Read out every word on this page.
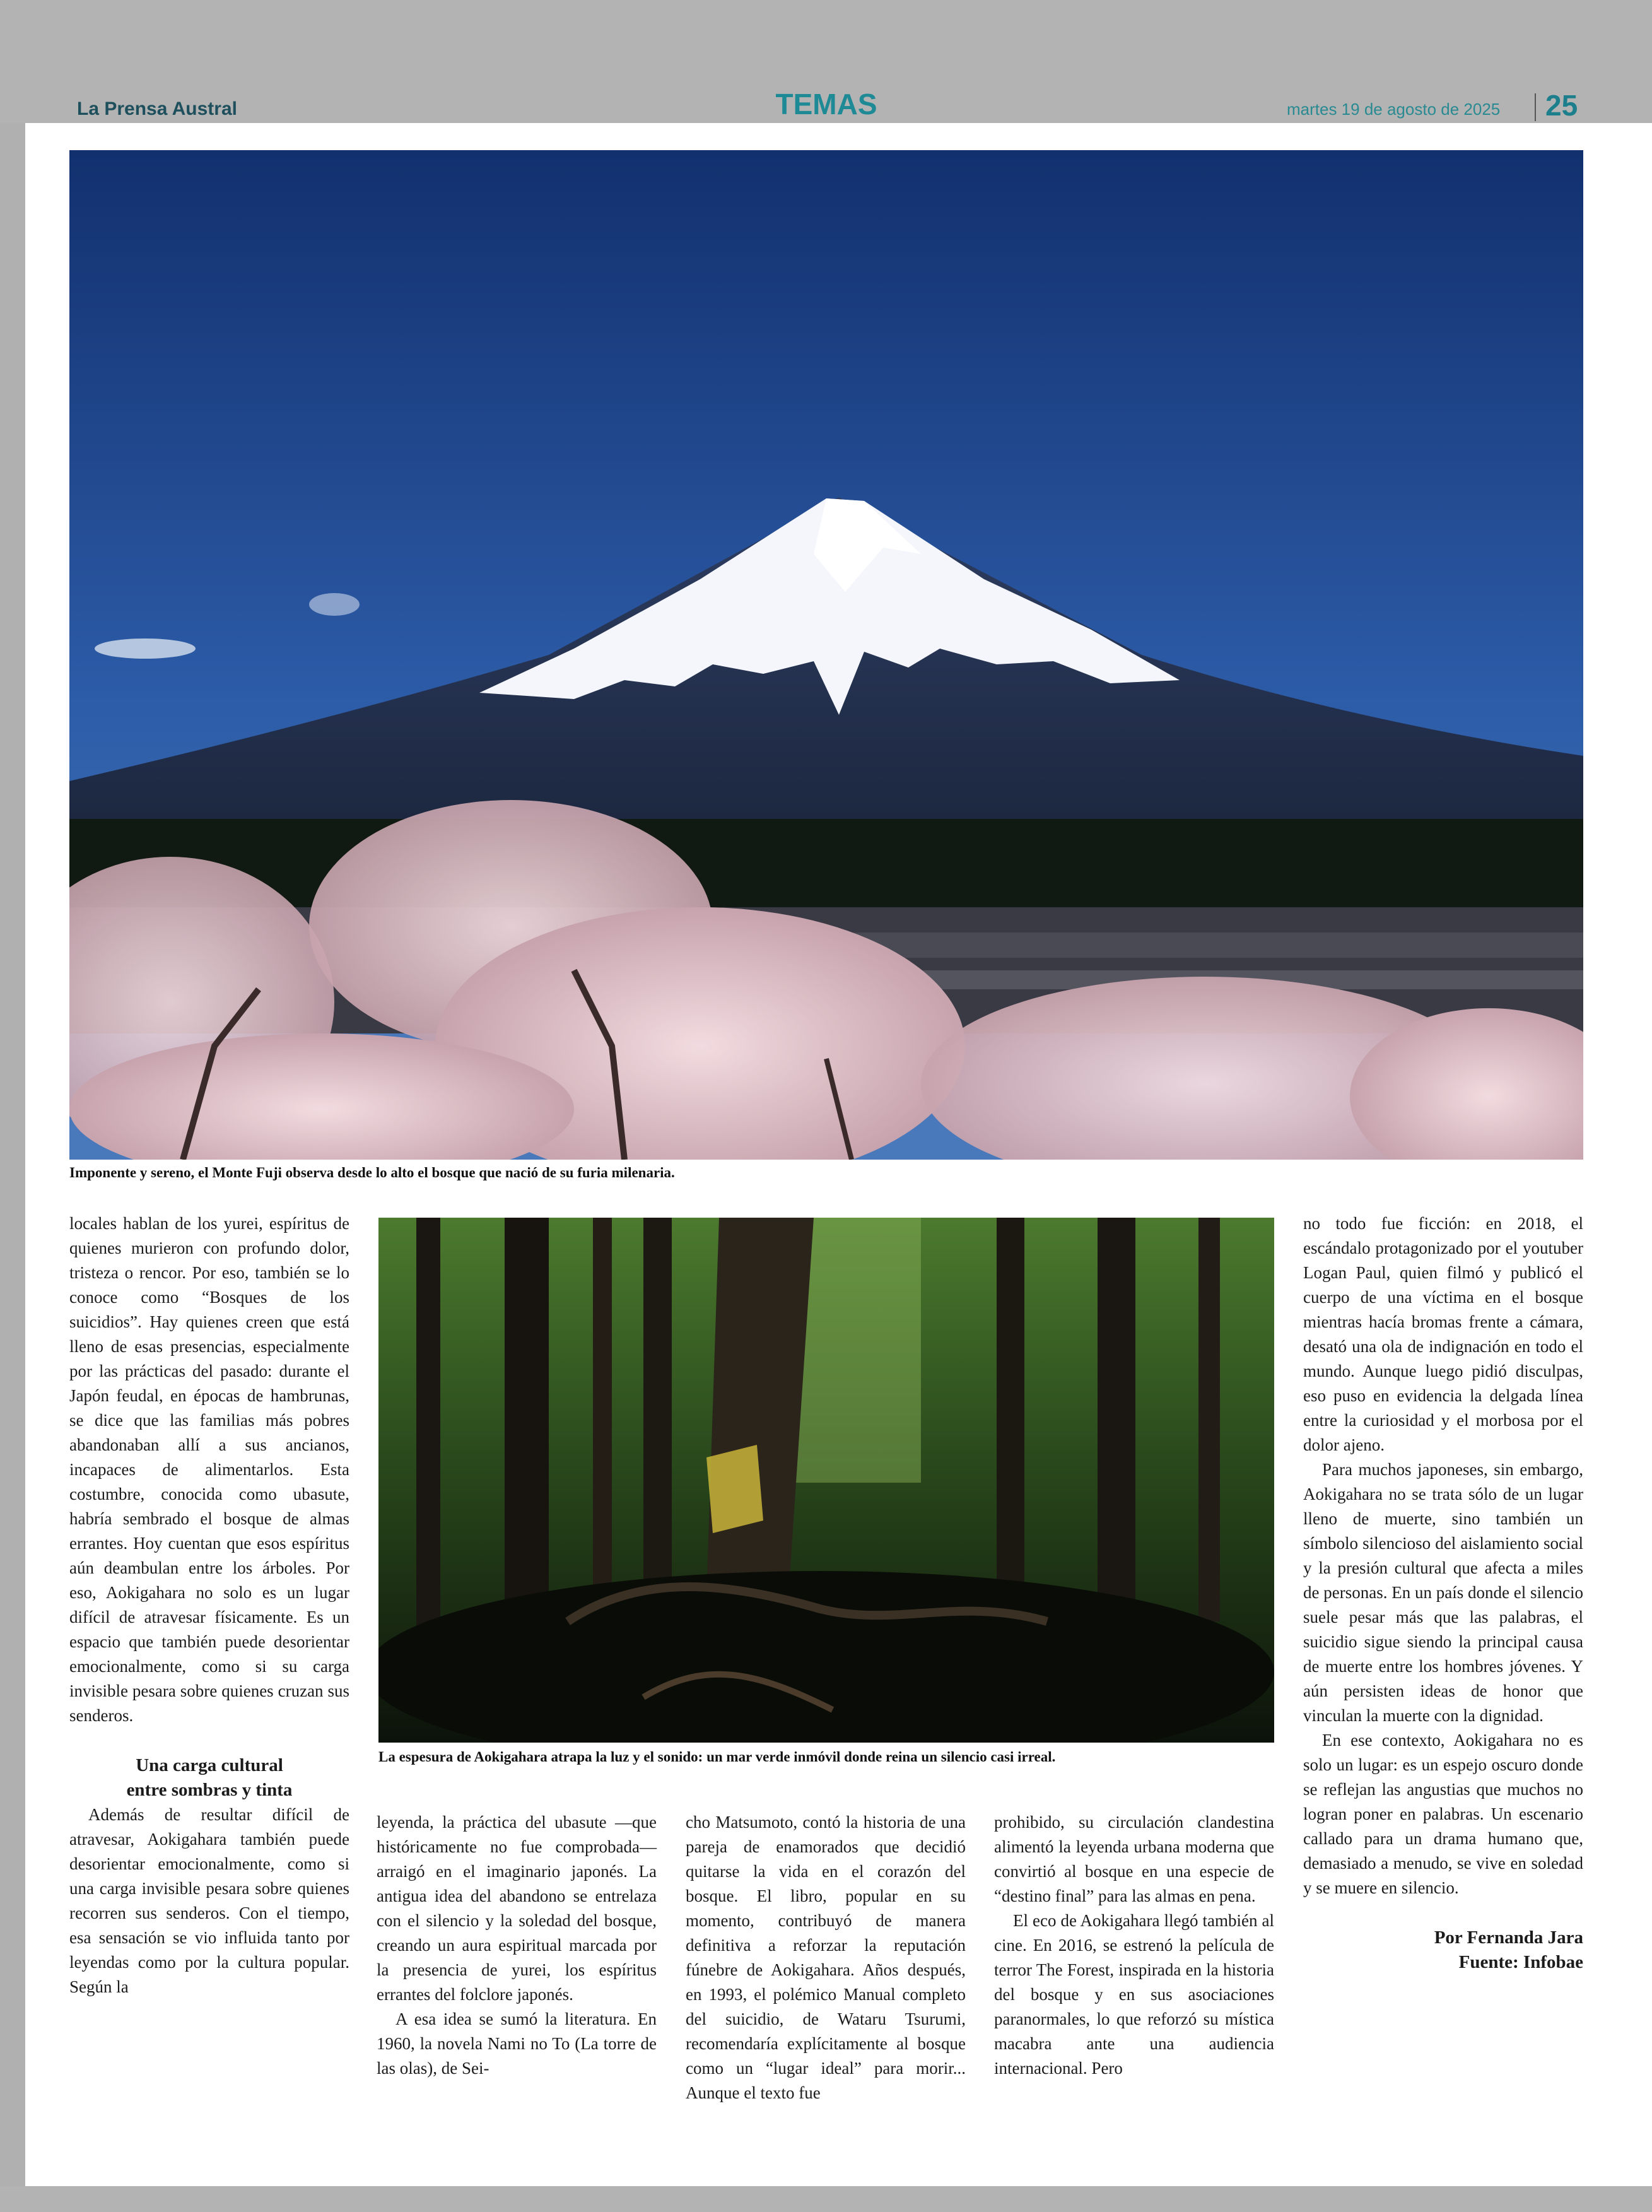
La Prensa Austral	TEMAS	martes 19 de agosto de 2025 25
Imponente y sereno, el Monte Fuji observa desde lo alto el bosque que nació de su furia milenaria.
La espesura de Aokigahara atrapa la luz y el sonido: un mar verde inmóvil donde reina un silencio casi irreal.

locales hablan de los yurei, espíritus de quienes murieron con profundo dolor, tristeza o rencor. Por eso, también se lo conoce como “Bosques de los suicidios”. Hay quienes creen que está lleno de esas presencias, especialmente por las prácticas del pasado: durante el Japón feudal, en épocas de hambrunas, se dice que las familias más pobres abandonaban allí a sus ancianos, incapaces de alimentarlos. Esta costumbre, conocida como ubasute, habría sembrado el bosque de almas errantes. Hoy cuentan que esos espíritus aún deambulan entre los árboles. Por eso, Aokigahara no solo es un lugar difícil de atravesar físicamente. Es un espacio que también puede desorientar emocionalmente, como si su carga invisible pesara sobre quienes cruzan sus senderos.

Una carga cultural

entre sombras y tinta

Además de resultar difícil de atravesar, Aokigahara también puede desorientar emocionalmente, como si una carga invisible pesara sobre quienes recorren sus senderos. Con el tiempo, esa sensación se vio influida tanto por leyendas como por la cultura popular. Según la

leyenda, la práctica del ubasute —que históricamente no fue comprobada— arraigó en el imaginario japonés. La antigua idea del abandono se entrelaza con el silencio y la soledad del bosque, creando un aura espiritual marcada por la presencia de yurei, los espíritus errantes del folclore japonés.

A esa idea se sumó la literatura. En 1960, la novela Nami no To (La torre de las olas), de Sei-

cho Matsumoto, contó la historia de una pareja de enamorados que decidió quitarse la vida en el corazón del bosque. El libro, popular en su momento, contribuyó de manera definitiva a reforzar la reputación fúnebre de Aokigahara. Años después, en 1993, el polémico Manual completo del suicidio, de Wataru Tsurumi, recomendaría explícitamente al bosque como un “lugar ideal” para morir... Aunque el texto fue

prohibido, su circulación clandestina alimentó la leyenda urbana moderna que convirtió al bosque en una especie de “destino final” para las almas en pena.

El eco de Aokigahara llegó también al cine. En 2016, se estrenó la película de terror The Forest, inspirada en la historia del bosque y en sus asociaciones paranormales, lo que reforzó su mística macabra ante una audiencia internacional. Pero

no todo fue ficción: en 2018, el escándalo protagonizado por el youtuber Logan Paul, quien filmó y publicó el cuerpo de una víctima en el bosque mientras hacía bromas frente a cámara, desató una ola de indignación en todo el mundo. Aunque luego pidió disculpas, eso puso en evidencia la delgada línea entre la curiosidad y el morbosa por el dolor ajeno.

Para muchos japoneses, sin embargo, Aokigahara no se trata sólo de un lugar lleno de muerte, sino también un símbolo silencioso del aislamiento social y la presión cultural que afecta a miles de personas. En un país donde el silencio suele pesar más que las palabras, el suicidio sigue siendo la principal causa de muerte entre los hombres jóvenes. Y aún persisten ideas de honor que vinculan la muerte con la dignidad.

En ese contexto, Aokigahara no es solo un lugar: es un espejo oscuro donde se reflejan las angustias que muchos no logran poner en palabras. Un escenario callado para un drama humano que, demasiado a menudo, se vive en soledad y se muere en silencio.

Por Fernanda Jara

Fuente: Infobae
